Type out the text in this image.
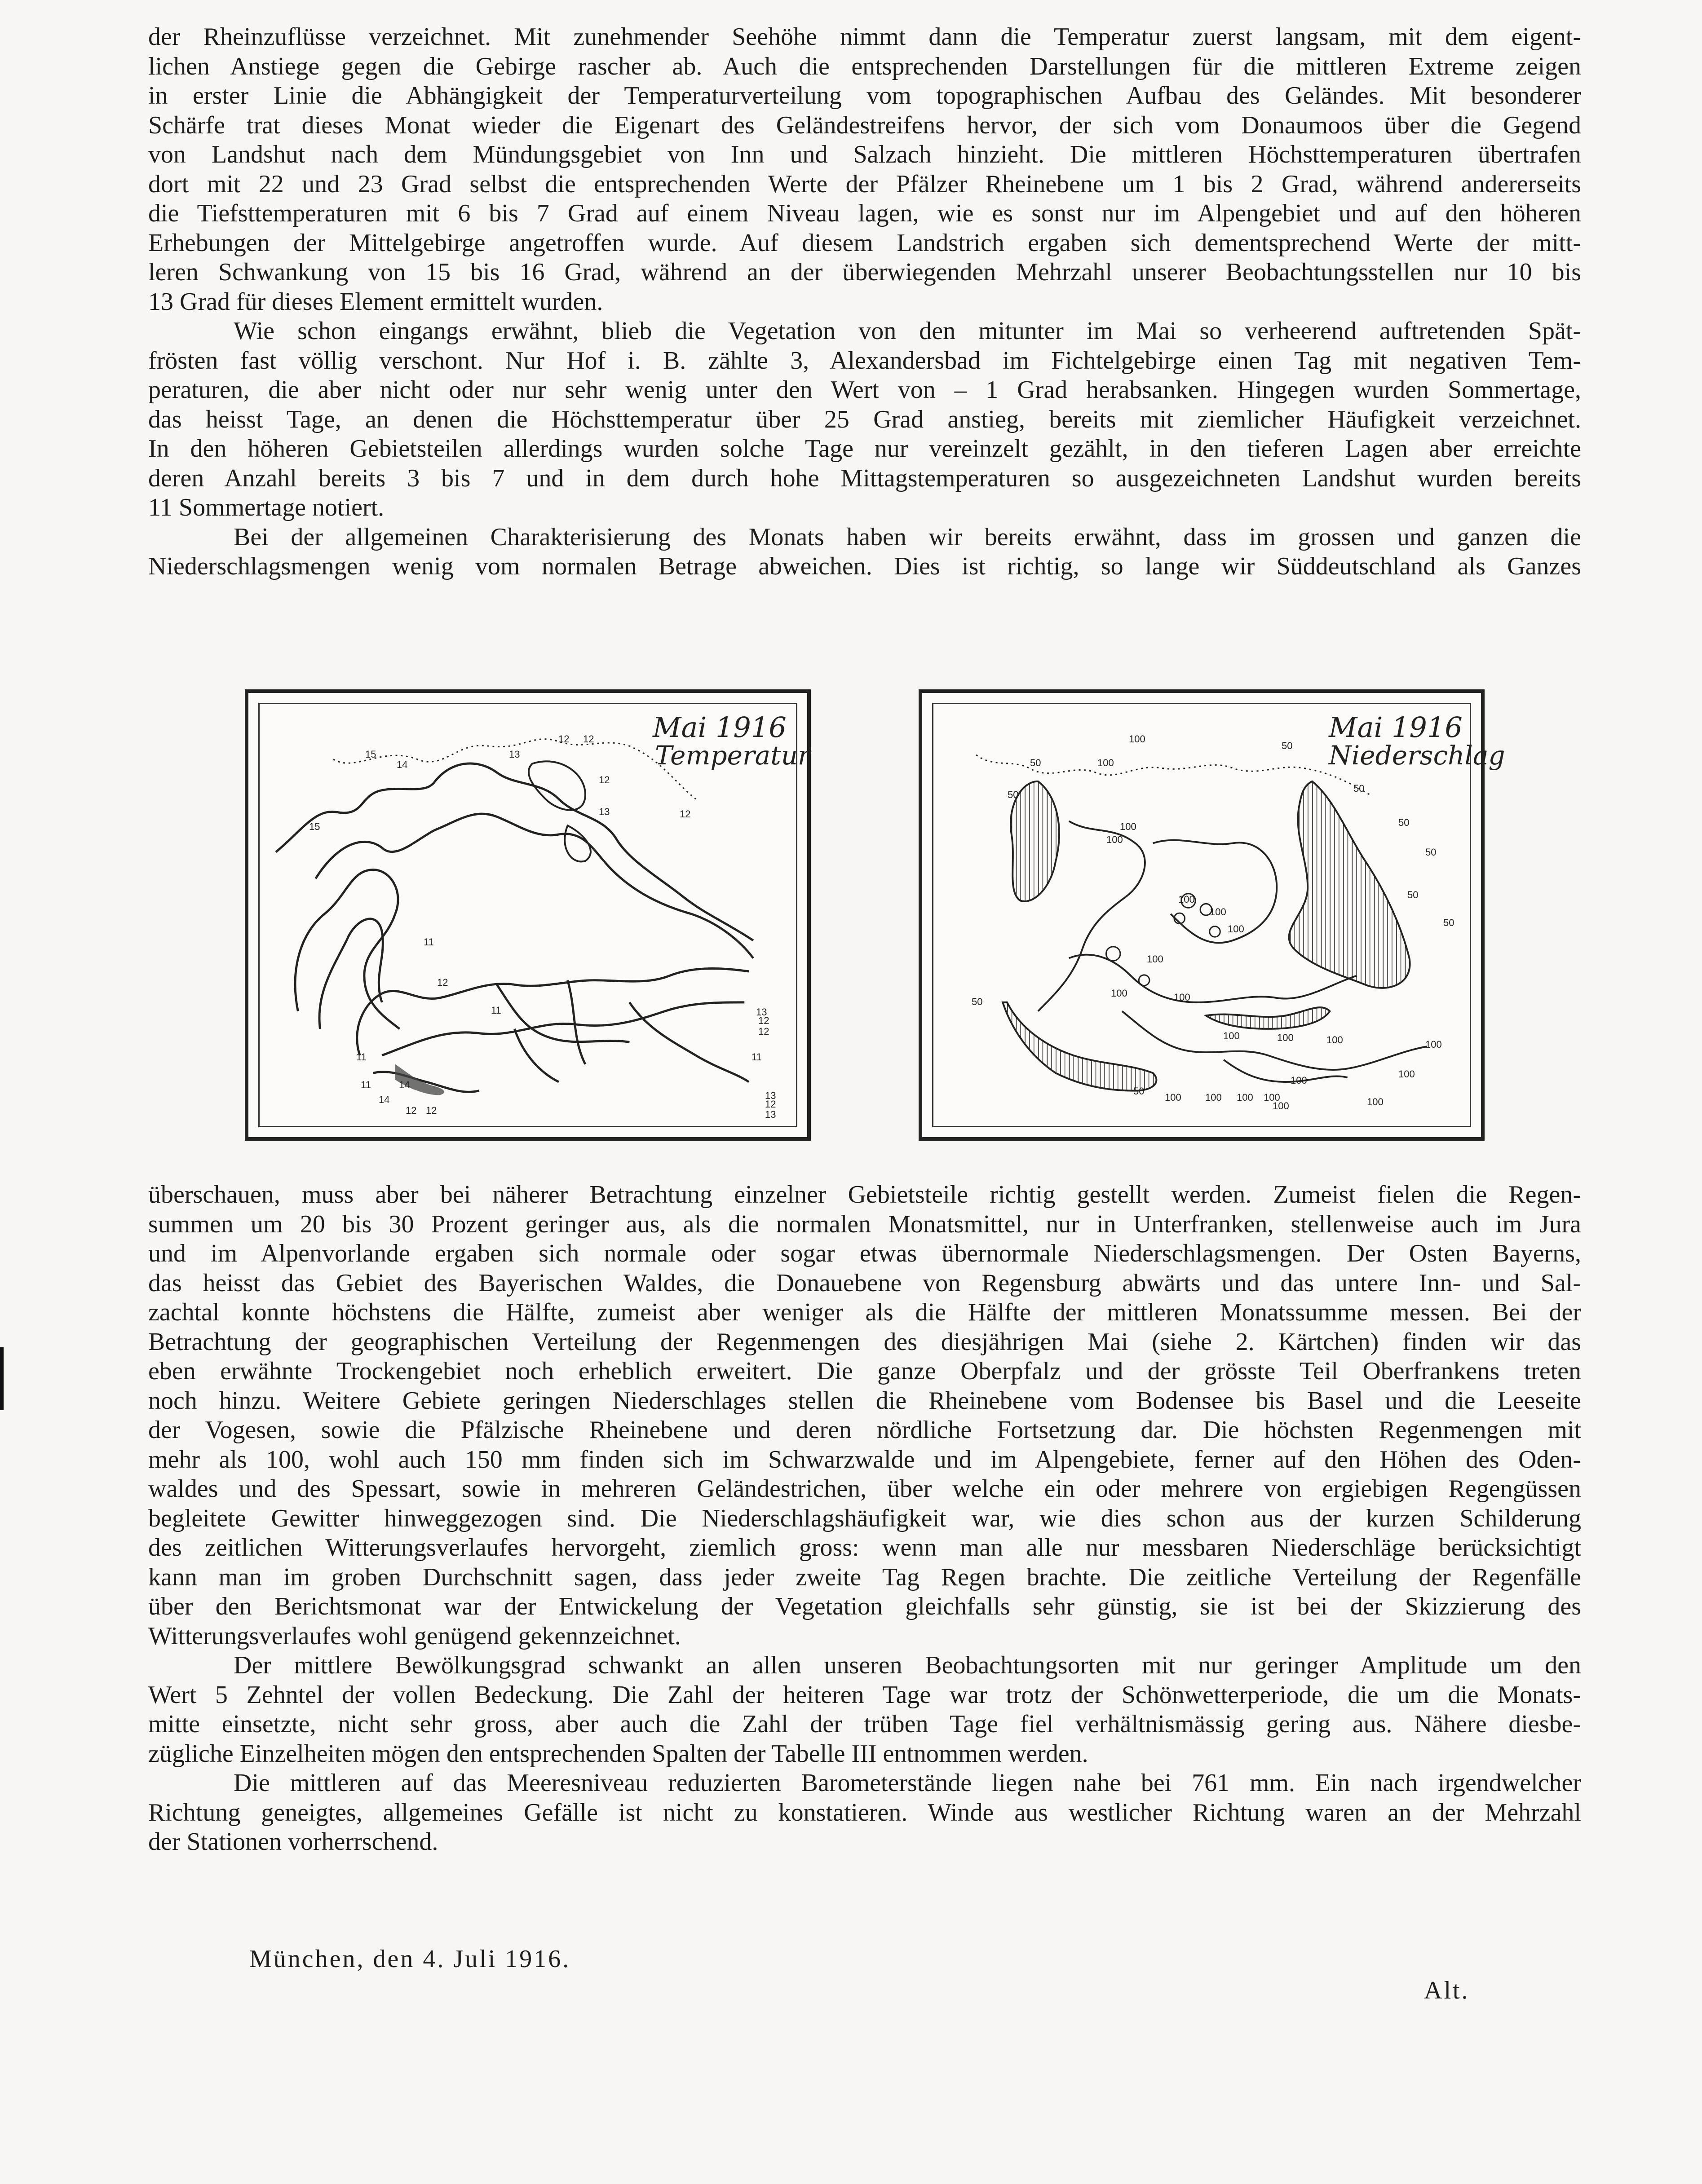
der Rheinzuflüsse verzeichnet. Mit zunehmender Seehöhe nimmt dann die Temperatur zuerst langsam, mit dem eigent-
lichen Anstiege gegen die Gebirge rascher ab. Auch die entsprechenden Darstellungen für die mittleren Extreme zeigen
in erster Linie die Abhängigkeit der Temperaturverteilung vom topographischen Aufbau des Geländes. Mit besonderer
Schärfe trat dieses Monat wieder die Eigenart des Geländestreifens hervor, der sich vom Donaumoos über die Gegend
von Landshut nach dem Mündungsgebiet von Inn und Salzach hinzieht. Die mittleren Höchsttemperaturen übertrafen
dort mit 22 und 23 Grad selbst die entsprechenden Werte der Pfälzer Rheinebene um 1 bis 2 Grad, während andererseits
die Tiefsttemperaturen mit 6 bis 7 Grad auf einem Niveau lagen, wie es sonst nur im Alpengebiet und auf den höheren
Erhebungen der Mittelgebirge angetroffen wurde. Auf diesem Landstrich ergaben sich dementsprechend Werte der mitt-
leren Schwankung von 15 bis 16 Grad, während an der überwiegenden Mehrzahl unserer Beobachtungsstellen nur 10 bis
13 Grad für dieses Element ermittelt wurden.
Wie schon eingangs erwähnt, blieb die Vegetation von den mitunter im Mai so verheerend auftretenden Spät-
frösten fast völlig verschont. Nur Hof i. B. zählte 3, Alexandersbad im Fichtelgebirge einen Tag mit negativen Tem-
peraturen, die aber nicht oder nur sehr wenig unter den Wert von – 1 Grad herabsanken. Hingegen wurden Sommertage,
das heisst Tage, an denen die Höchsttemperatur über 25 Grad anstieg, bereits mit ziemlicher Häufigkeit verzeichnet.
In den höheren Gebietsteilen allerdings wurden solche Tage nur vereinzelt gezählt, in den tieferen Lagen aber erreichte
deren Anzahl bereits 3 bis 7 und in dem durch hohe Mittagstemperaturen so ausgezeichneten Landshut wurden bereits
11 Sommertage notiert.
Bei der allgemeinen Charakterisierung des Monats haben wir bereits erwähnt, dass im grossen und ganzen die
Niederschlagsmengen wenig vom normalen Betrage abweichen. Dies ist richtig, so lange wir Süddeutschland als Ganzes
Mai 1916
Temperatur
15
14
12 12
13
15
12
13	12
11
12
11
11	14
14
12 12
11	13
12
12
11
13
12
13
Mai 1916
Niederschlag
100
50	100
50
50
100
100
50
50
50
50
50
100
100
100
100
100	100
100	100
50
100 100 100 100
100
100
100
100
100
50
100
überschauen, muss aber bei näherer Betrachtung einzelner Gebietsteile richtig gestellt werden. Zumeist fielen die Regen-
summen um 20 bis 30 Prozent geringer aus, als die normalen Monatsmittel, nur in Unterfranken, stellenweise auch im Jura
und im Alpenvorlande ergaben sich normale oder sogar etwas übernormale Niederschlagsmengen. Der Osten Bayerns,
das heisst das Gebiet des Bayerischen Waldes, die Donauebene von Regensburg abwärts und das untere Inn- und Sal-
zachtal konnte höchstens die Hälfte, zumeist aber weniger als die Hälfte der mittleren Monatssumme messen. Bei der
Betrachtung der geographischen Verteilung der Regenmengen des diesjährigen Mai (siehe 2. Kärtchen) finden wir das
eben erwähnte Trockengebiet noch erheblich erweitert. Die ganze Oberpfalz und der grösste Teil Oberfrankens treten
noch hinzu. Weitere Gebiete geringen Niederschlages stellen die Rheinebene vom Bodensee bis Basel und die Leeseite
der Vogesen, sowie die Pfälzische Rheinebene und deren nördliche Fortsetzung dar. Die höchsten Regenmengen mit
mehr als 100, wohl auch 150 mm finden sich im Schwarzwalde und im Alpengebiete, ferner auf den Höhen des Oden-
waldes und des Spessart, sowie in mehreren Geländestrichen, über welche ein oder mehrere von ergiebigen Regengüssen
begleitete Gewitter hinweggezogen sind. Die Niederschlagshäufigkeit war, wie dies schon aus der kurzen Schilderung
des zeitlichen Witterungsverlaufes hervorgeht, ziemlich gross: wenn man alle nur messbaren Niederschläge berücksichtigt
kann man im groben Durchschnitt sagen, dass jeder zweite Tag Regen brachte. Die zeitliche Verteilung der Regenfälle
über den Berichtsmonat war der Entwickelung der Vegetation gleichfalls sehr günstig, sie ist bei der Skizzierung des
Witterungsverlaufes wohl genügend gekennzeichnet.
Der mittlere Bewölkungsgrad schwankt an allen unseren Beobachtungsorten mit nur geringer Amplitude um den
Wert 5 Zehntel der vollen Bedeckung. Die Zahl der heiteren Tage war trotz der Schönwetterperiode, die um die Monats-
mitte einsetzte, nicht sehr gross, aber auch die Zahl der trüben Tage fiel verhältnismässig gering aus. Nähere diesbe-
zügliche Einzelheiten mögen den entsprechenden Spalten der Tabelle III entnommen werden.
Die mittleren auf das Meeresniveau reduzierten Barometerstände liegen nahe bei 761 mm. Ein nach irgendwelcher
Richtung geneigtes, allgemeines Gefälle ist nicht zu konstatieren. Winde aus westlicher Richtung waren an der Mehrzahl
der Stationen vorherrschend.
München, den 4. Juli 1916.
Alt.
